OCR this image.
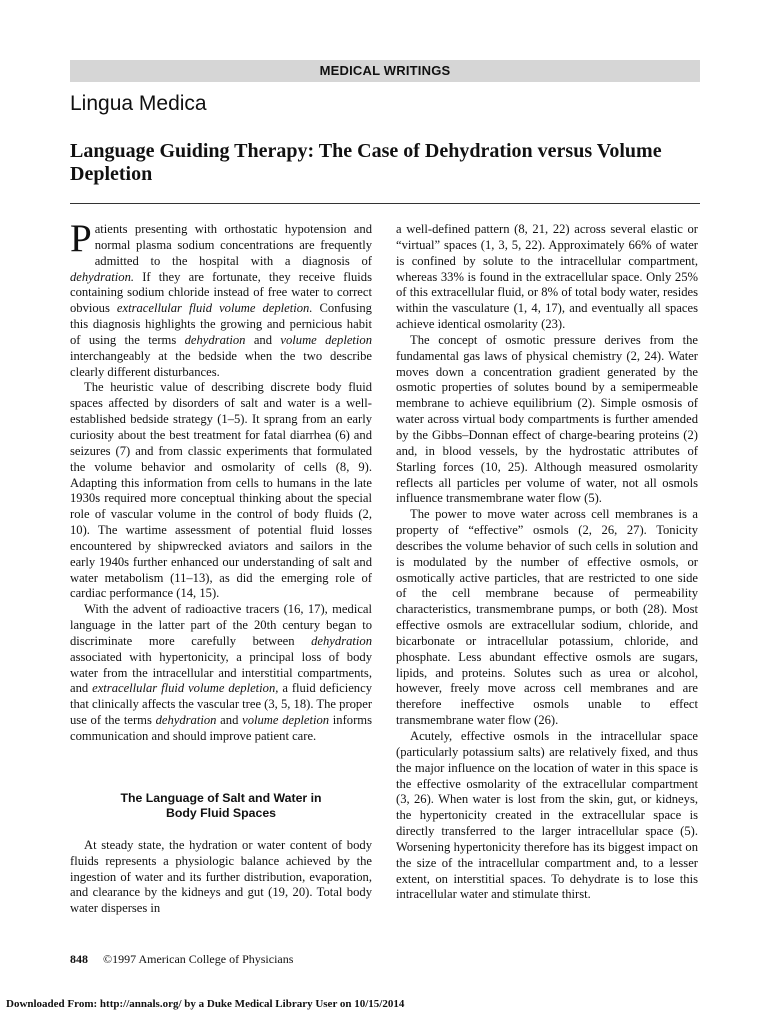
MEDICAL WRITINGS
Lingua Medica
Language Guiding Therapy: The Case of Dehydration versus Volume Depletion

P atients presenting with orthostatic hypotension and normal plasma sodium concentrations are frequently admitted to the hospital with a diagnosis of dehydration. If they are fortunate, they receive fluids containing sodium chloride instead of free water to correct obvious extracellular fluid volume depletion. Confusing this diagnosis highlights the growing and pernicious habit of using the terms dehydration and volume depletion interchangeably at the bedside when the two describe clearly different disturbances.

The heuristic value of describing discrete body fluid spaces affected by disorders of salt and water is a well-established bedside strategy (1–5). It sprang from an early curiosity about the best treatment for fatal diarrhea (6) and seizures (7) and from classic experiments that formulated the volume behavior and osmolarity of cells (8, 9). Adapting this information from cells to humans in the late 1930s required more conceptual thinking about the special role of vascular volume in the control of body fluids (2, 10). The wartime assessment of potential fluid losses encountered by shipwrecked aviators and sailors in the early 1940s further enhanced our understanding of salt and water metabolism (11–13), as did the emerging role of cardiac performance (14, 15).

With the advent of radioactive tracers (16, 17), medical language in the latter part of the 20th century began to discriminate more carefully between dehydration associated with hypertonicity, a principal loss of body water from the intracellular and interstitial compartments, and extracellular fluid volume depletion, a fluid deficiency that clinically affects the vascular tree (3, 5, 18). The proper use of the terms dehydration and volume depletion informs communication and should improve patient care.

The Language of Salt and Water in
Body Fluid Spaces

At steady state, the hydration or water content of body fluids represents a physiologic balance achieved by the ingestion of water and its further distribution, evaporation, and clearance by the kidneys and gut (19, 20). Total body water disperses in

a well-defined pattern (8, 21, 22) across several elastic or “virtual” spaces (1, 3, 5, 22). Approximately 66% of water is confined by solute to the intracellular compartment, whereas 33% is found in the extracellular space. Only 25% of this extracellular fluid, or 8% of total body water, resides within the vasculature (1, 4, 17), and eventually all spaces achieve identical osmolarity (23).

The concept of osmotic pressure derives from the fundamental gas laws of physical chemistry (2, 24). Water moves down a concentration gradient generated by the osmotic properties of solutes bound by a semipermeable membrane to achieve equilibrium (2). Simple osmosis of water across virtual body compartments is further amended by the Gibbs–Donnan effect of charge-bearing proteins (2) and, in blood vessels, by the hydrostatic attributes of Starling forces (10, 25). Although measured osmolarity reflects all particles per volume of water, not all osmols influence transmembrane water flow (5).

The power to move water across cell membranes is a property of “effective” osmols (2, 26, 27). Tonicity describes the volume behavior of such cells in solution and is modulated by the number of effective osmols, or osmotically active particles, that are restricted to one side of the cell membrane because of permeability characteristics, transmembrane pumps, or both (28). Most effective osmols are extracellular sodium, chloride, and bicarbonate or intracellular potassium, chloride, and phosphate. Less abundant effective osmols are sugars, lipids, and proteins. Solutes such as urea or alcohol, however, freely move across cell membranes and are therefore ineffective osmols unable to effect transmembrane water flow (26).

Acutely, effective osmols in the intracellular space (particularly potassium salts) are relatively fixed, and thus the major influence on the location of water in this space is the effective osmolarity of the extracellular compartment (3, 26). When water is lost from the skin, gut, or kidneys, the hypertonicity created in the extracellular space is directly transferred to the larger intracellular space (5). Worsening hypertonicity therefore has its biggest impact on the size of the intracellular compartment and, to a lesser extent, on interstitial spaces. To dehydrate is to lose this intracellular water and stimulate thirst.

848 ©1997 American College of Physicians
Downloaded From: http://annals.org/ by a Duke Medical Library User on 10/15/2014
